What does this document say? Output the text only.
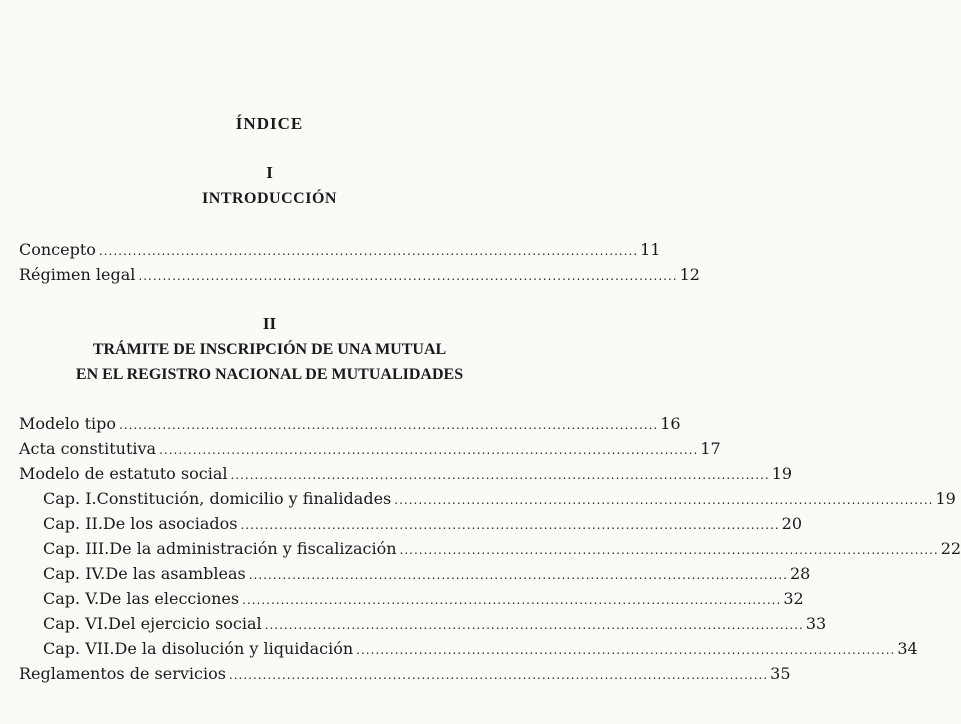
ÍNDICE
I
INTRODUCCIÓN
Concepto ................................................................................................................ 11
Régimen legal ................................................................................................................ 12
II
TRÁMITE DE INSCRIPCIÓN DE UNA MUTUAL
EN EL REGISTRO NACIONAL DE MUTUALIDADES
Modelo tipo ................................................................................................................ 16
Acta constitutiva ................................................................................................................ 17
Modelo de estatuto social ................................................................................................................ 19
Cap. I. Constitución, domicilio y finalidades ................................................................................................................ 19
Cap. II. De los asociados ................................................................................................................ 20
Cap. III. De la administración y fiscalización ................................................................................................................ 22
Cap. IV. De las asambleas ................................................................................................................ 28
Cap. V. De las elecciones ................................................................................................................ 32
Cap. VI. Del ejercicio social ................................................................................................................ 33
Cap. VII. De la disolución y liquidación ................................................................................................................ 34
Reglamentos de servicios ................................................................................................................ 35
